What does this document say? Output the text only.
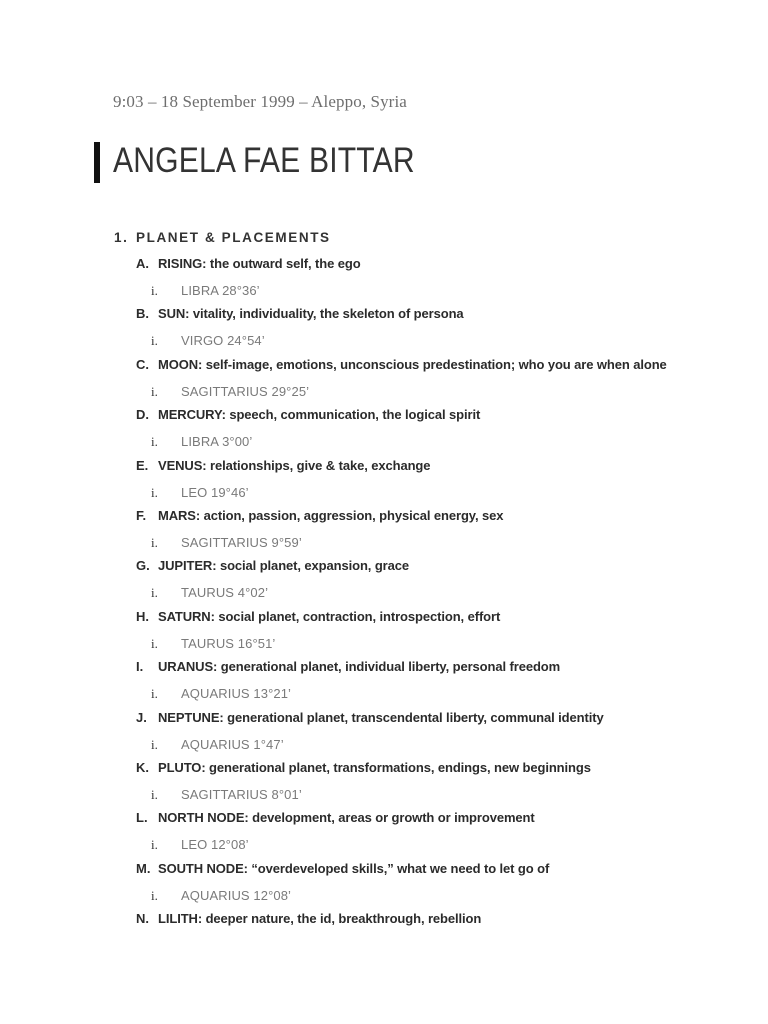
9:03 – 18 September 1999 – Aleppo, Syria
ANGELA FAE BITTAR
1. PLANET & PLACEMENTS
A. RISING: the outward self, the ego
i. LIBRA 28°36’
B. SUN: vitality, individuality, the skeleton of persona
i. VIRGO 24°54’
C. MOON: self-image, emotions, unconscious predestination; who you are when alone
i. SAGITTARIUS 29°25’
D. MERCURY: speech, communication, the logical spirit
i. LIBRA 3°00’
E. VENUS: relationships, give & take, exchange
i. LEO 19°46’
F. MARS: action, passion, aggression, physical energy, sex
i. SAGITTARIUS 9°59’
G. JUPITER: social planet, expansion, grace
i. TAURUS 4°02’
H. SATURN: social planet, contraction, introspection, effort
i. TAURUS 16°51’
I. URANUS: generational planet, individual liberty, personal freedom
i. AQUARIUS 13°21’
J. NEPTUNE: generational planet, transcendental liberty, communal identity
i. AQUARIUS 1°47’
K. PLUTO: generational planet, transformations, endings, new beginnings
i. SAGITTARIUS 8°01’
L. NORTH NODE: development, areas or growth or improvement
i. LEO 12°08’
M. SOUTH NODE: “overdeveloped skills,” what we need to let go of
i. AQUARIUS 12°08’
N. LILITH: deeper nature, the id, breakthrough, rebellion
